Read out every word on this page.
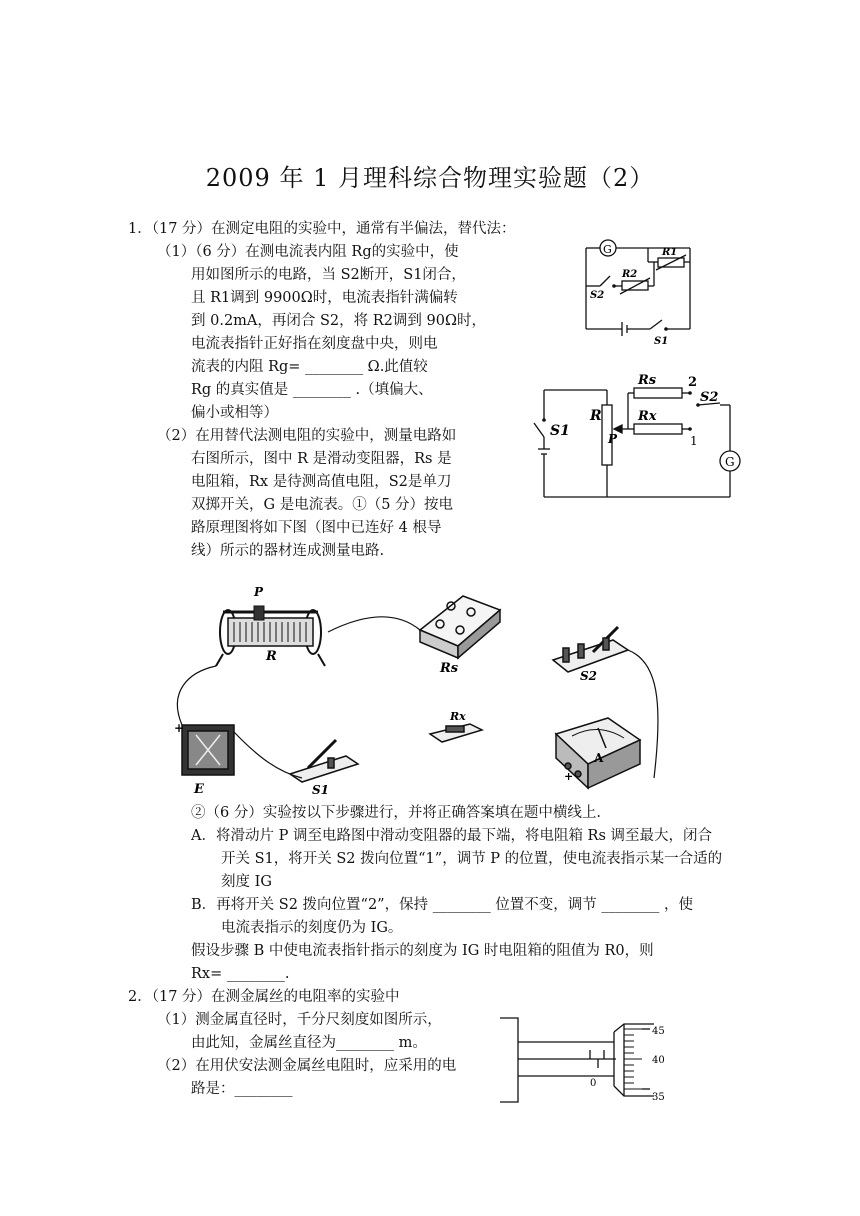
2009 年 1 月理科综合物理实验题（2）
1．（17 分）在测定电阻的实验中，通常有半偏法，替代法：
（1）（6 分）在测电流表内阻 Rg的实验中，使
用如图所示的电路，当 S2断开，S1闭合，
且 R1调到 9900Ω时，电流表指针满偏转
到 0.2mA，再闭合 S2，将 R2调到 90Ω时，
电流表指针正好指在刻度盘中央，则电
流表的内阻 Rg= ________ Ω.此值较
Rg 的真实值是 ________ .（填偏大、
偏小或相等）
（2）在用替代法测电阻的实验中，测量电路如
右图所示，图中 R 是滑动变阻器，Rs 是
电阻箱，Rx 是待测高值电阻，S2是单刀
双掷开关，G 是电流表。①（5 分）按电
路原理图将如下图（图中已连好 4 根导
线）所示的器材连成测量电路.
G	R1
R2
S2
S1
Rs
Rx
R
S1
S2
P
2
1
G
P
R
Rs	S2
Rx
E	S1
A
+
+
②（6 分）实验按以下步骤进行，并将正确答案填在题中横线上.
A．将滑动片 P 调至电路图中滑动变阻器的最下端，将电阻箱 Rs 调至最大，闭合
开关 S1，将开关 S2 拨向位置“1”，调节 P 的位置，使电流表指示某一合适的
刻度 IG
B．再将开关 S2 拨向位置“2”，保持 ________ 位置不变，调节 ________ ，使
电流表指示的刻度仍为 IG。
假设步骤 B 中使电流表指针指示的刻度为 IG 时电阻箱的阻值为 R0，则
Rx= ________.
2．（17 分）在测金属丝的电阻率的实验中
（1）测金属直径时，千分尺刻度如图所示，
由此知，金属丝直径为________ m。
（2）在用伏安法测金属丝电阻时，应采用的电
路是：________
45
40
35
0
